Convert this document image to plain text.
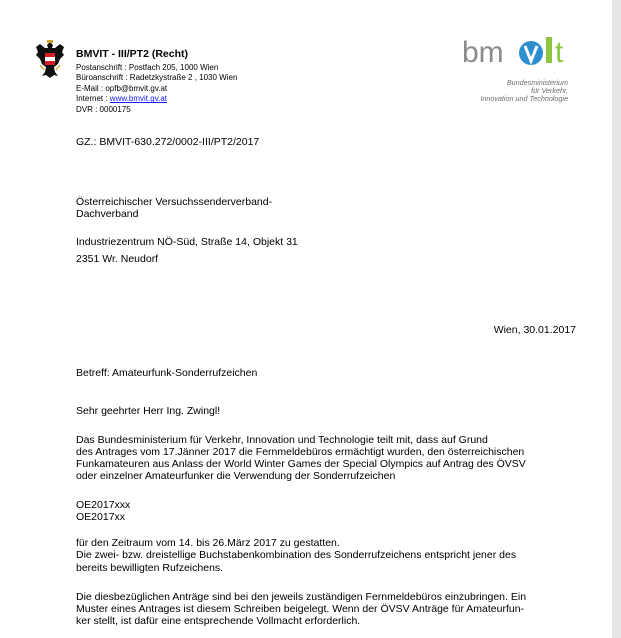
BMVIT - III/PT2 (Recht)
Postanschrift : Postfach 205, 1000 Wien
Büroanschrift : Radetzkystraße 2 , 1030 Wien
E-Mail : opfb@bmvit.gv.at
Internet : www.bmvit.gv.at
DVR : 0000175
bm t
Bundesministerium
für Verkehr,
Innovation und Technologie
GZ.: BMVIT-630.272/0002-III/PT2/2017
Österreichischer Versuchssenderverband-
Dachverband
Industriezentrum NÖ-Süd, Straße 14, Objekt 31
2351 Wr. Neudorf
Wien, 30.01.2017
Betreff: Amateurfunk-Sonderrufzeichen
Sehr geehrter Herr Ing. Zwingl!
Das Bundesministerium für Verkehr, Innovation und Technologie teilt mit, dass auf Grund
des Antrages vom 17.Jänner 2017 die Fernmeldebüros ermächtigt wurden, den österreichischen
Funkamateuren aus Anlass der World Winter Games der Special Olympics auf Antrag des ÖVSV
oder einzelner Amateurfunker die Verwendung der Sonderrufzeichen
OE2017xxx
OE2017xx
für den Zeitraum vom 14. bis 26.März 2017 zu gestatten.
Die zwei- bzw. dreistellige Buchstabenkombination des Sonderrufzeichens entspricht jener des
bereits bewilligten Rufzeichens.
Die diesbezüglichen Anträge sind bei den jeweils zuständigen Fernmeldebüros einzubringen. Ein
Muster eines Antrages ist diesem Schreiben beigelegt. Wenn der ÖVSV Anträge für Amateurfun-
ker stellt, ist dafür eine entsprechende Vollmacht erforderlich.
